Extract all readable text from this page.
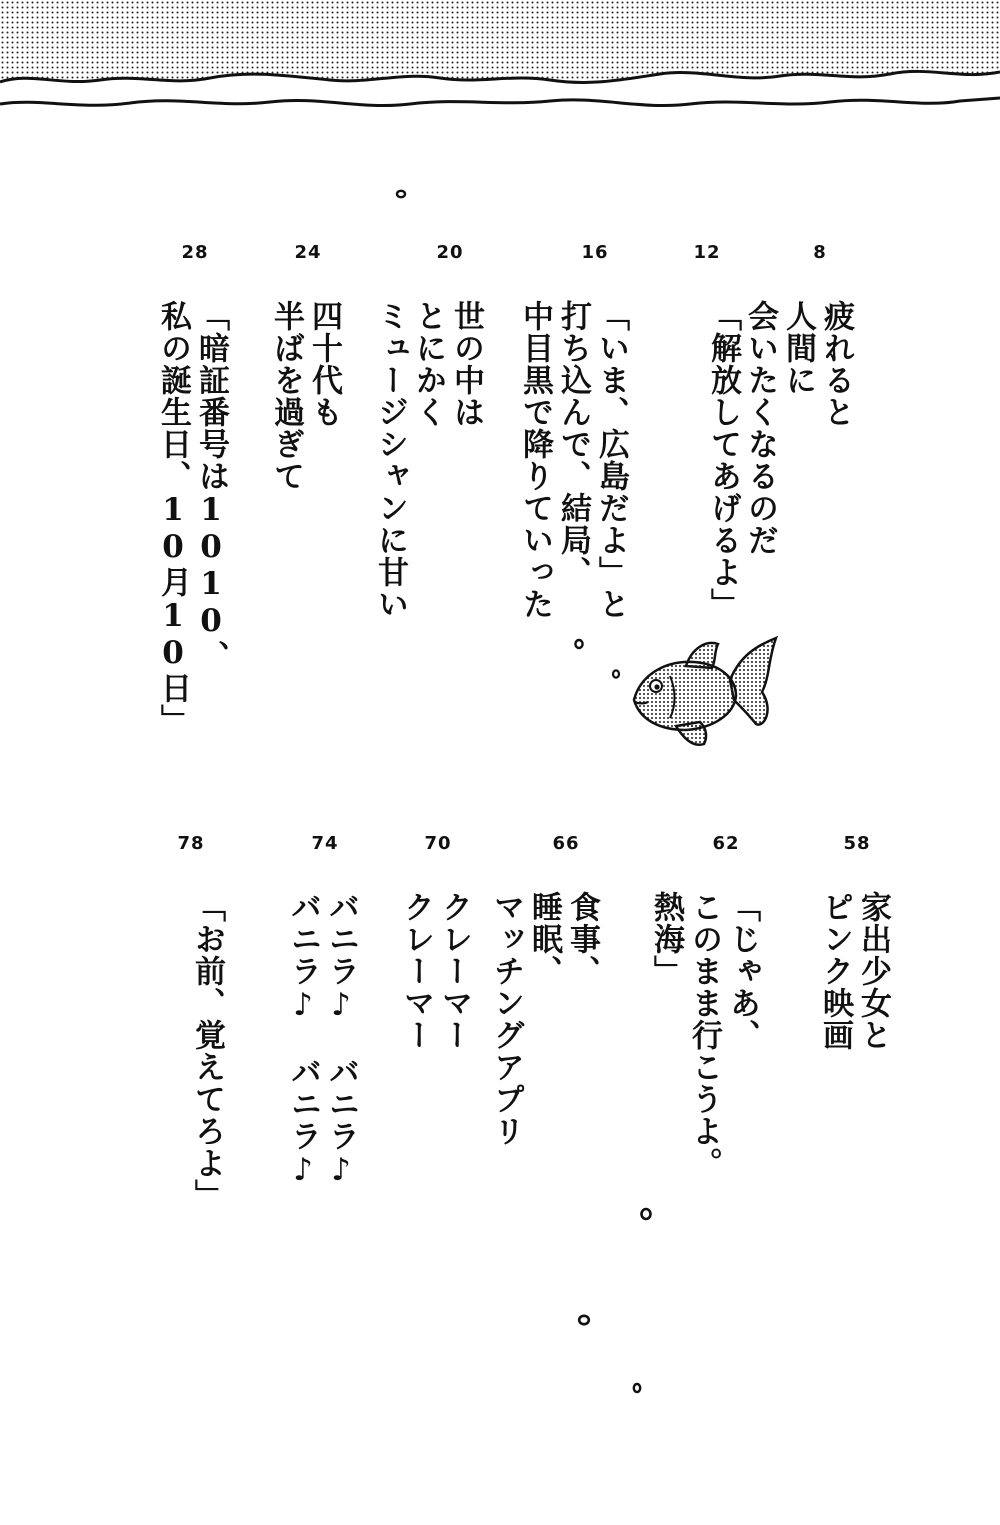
8
疲れると
人間に
会いたくなるのだ
12
「解放してあげるよ」
16
「いま、広島だよ」と
打ち込んで、結局、
中目黒で降りていった
20
世の中は
とにかく
ミュージシャンに甘い
24
四十代も
半ばを過ぎて
28
「暗証番号は1010、
私の誕生日、10月10日」
58
家出少女と
ピンク映画
62
「じゃあ、
このまま行こうよ。
熱海」
66
食事、
睡眠、
マッチングアプリ
70
クレーマー
クレーマー
74
バニラ♪　バニラ♪
バニラ♪　バニラ♪
78
「お前、覚えてろよ」
